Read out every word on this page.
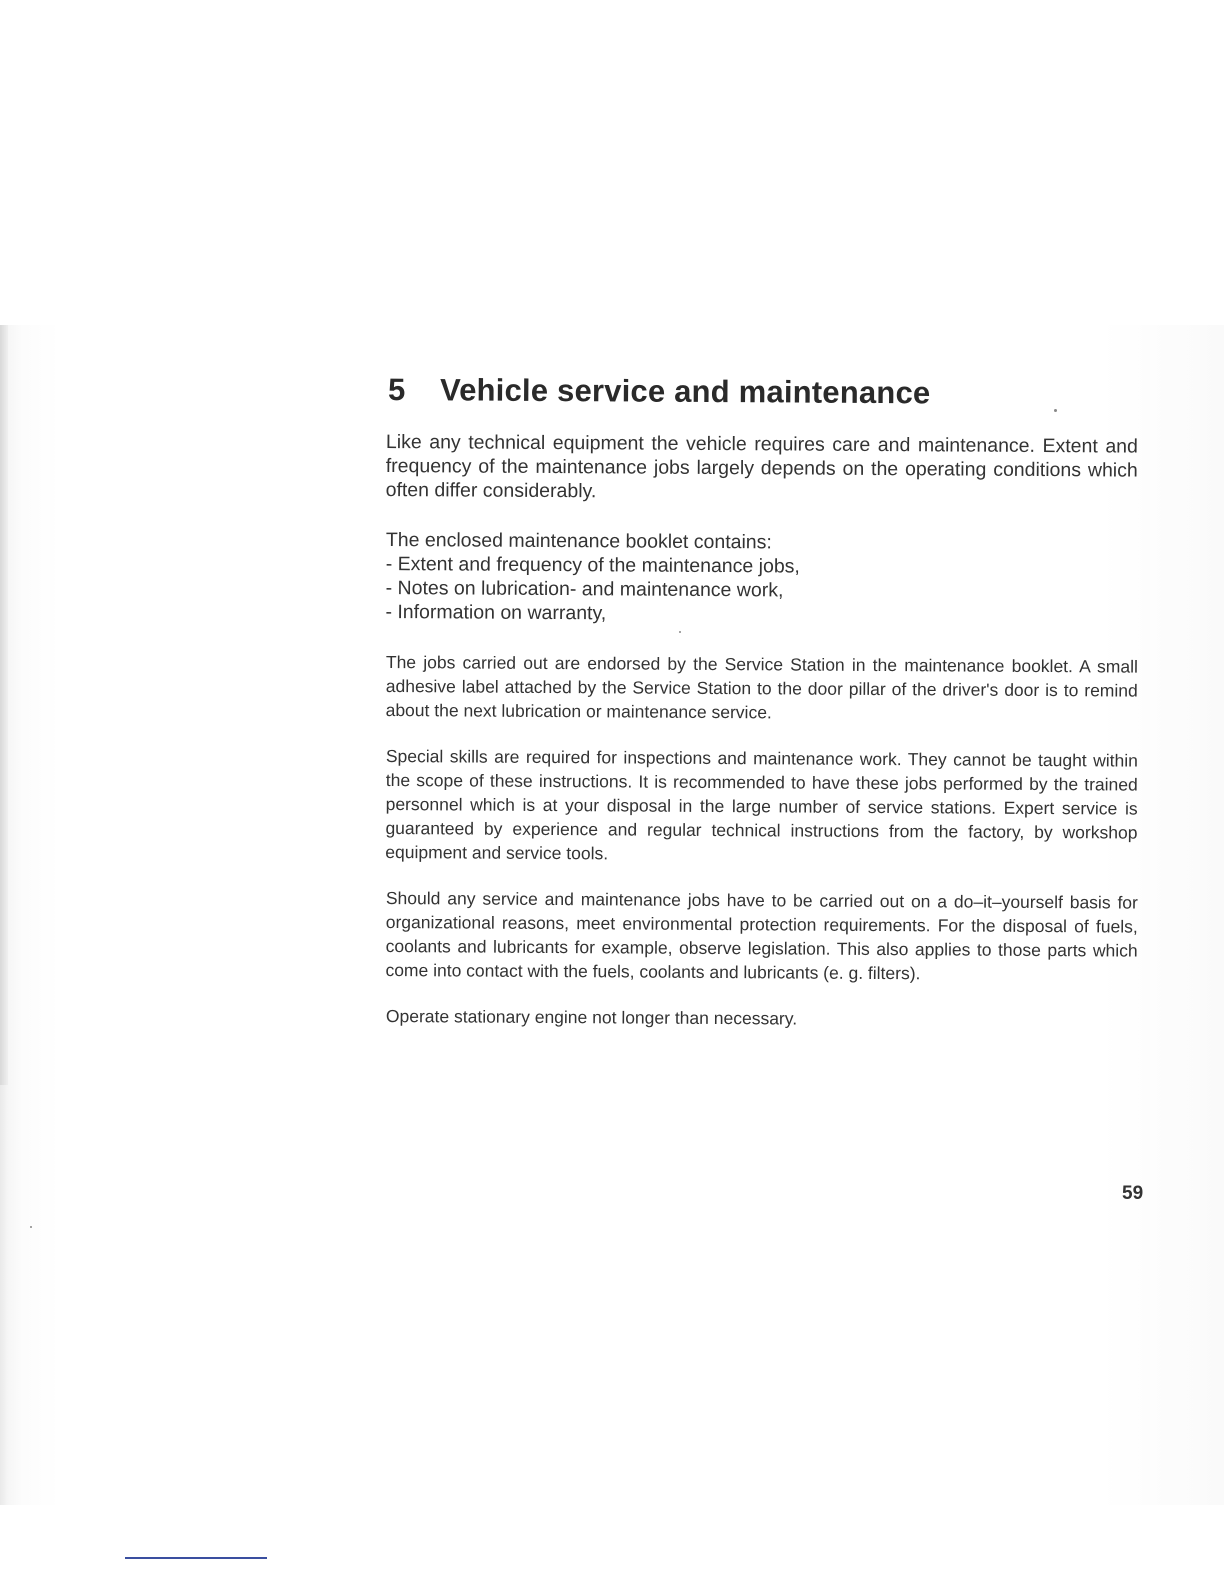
5	Vehicle service and maintenance

Like any technical equipment the vehicle requires care and maintenance. Extent and frequency of the maintenance jobs largely depends on the operating conditions which often differ considerably.

The enclosed maintenance booklet contains:
- Extent and frequency of the maintenance jobs,
- Notes on lubrication- and maintenance work,
- Information on warranty,

The jobs carried out are endorsed by the Service Station in the maintenance booklet. A small adhesive label attached by the Service Station to the door pillar of the driver's door is to remind about the next lubrication or maintenance service.

Special skills are required for inspections and maintenance work. They cannot be taught within the scope of these instructions. It is recommended to have these jobs performed by the trained personnel which is at your disposal in the large number of service stations. Expert service is guaranteed by experience and regular technical instructions from the factory, by workshop equipment and service tools.

Should any service and maintenance jobs have to be carried out on a do–it–yourself basis for organizational reasons, meet environmental protection requirements. For the disposal of fuels, coolants and lubricants for example, observe legislation. This also applies to those parts which come into contact with the fuels, coolants and lubricants (e. g. filters).

Operate stationary engine not longer than necessary.

59
